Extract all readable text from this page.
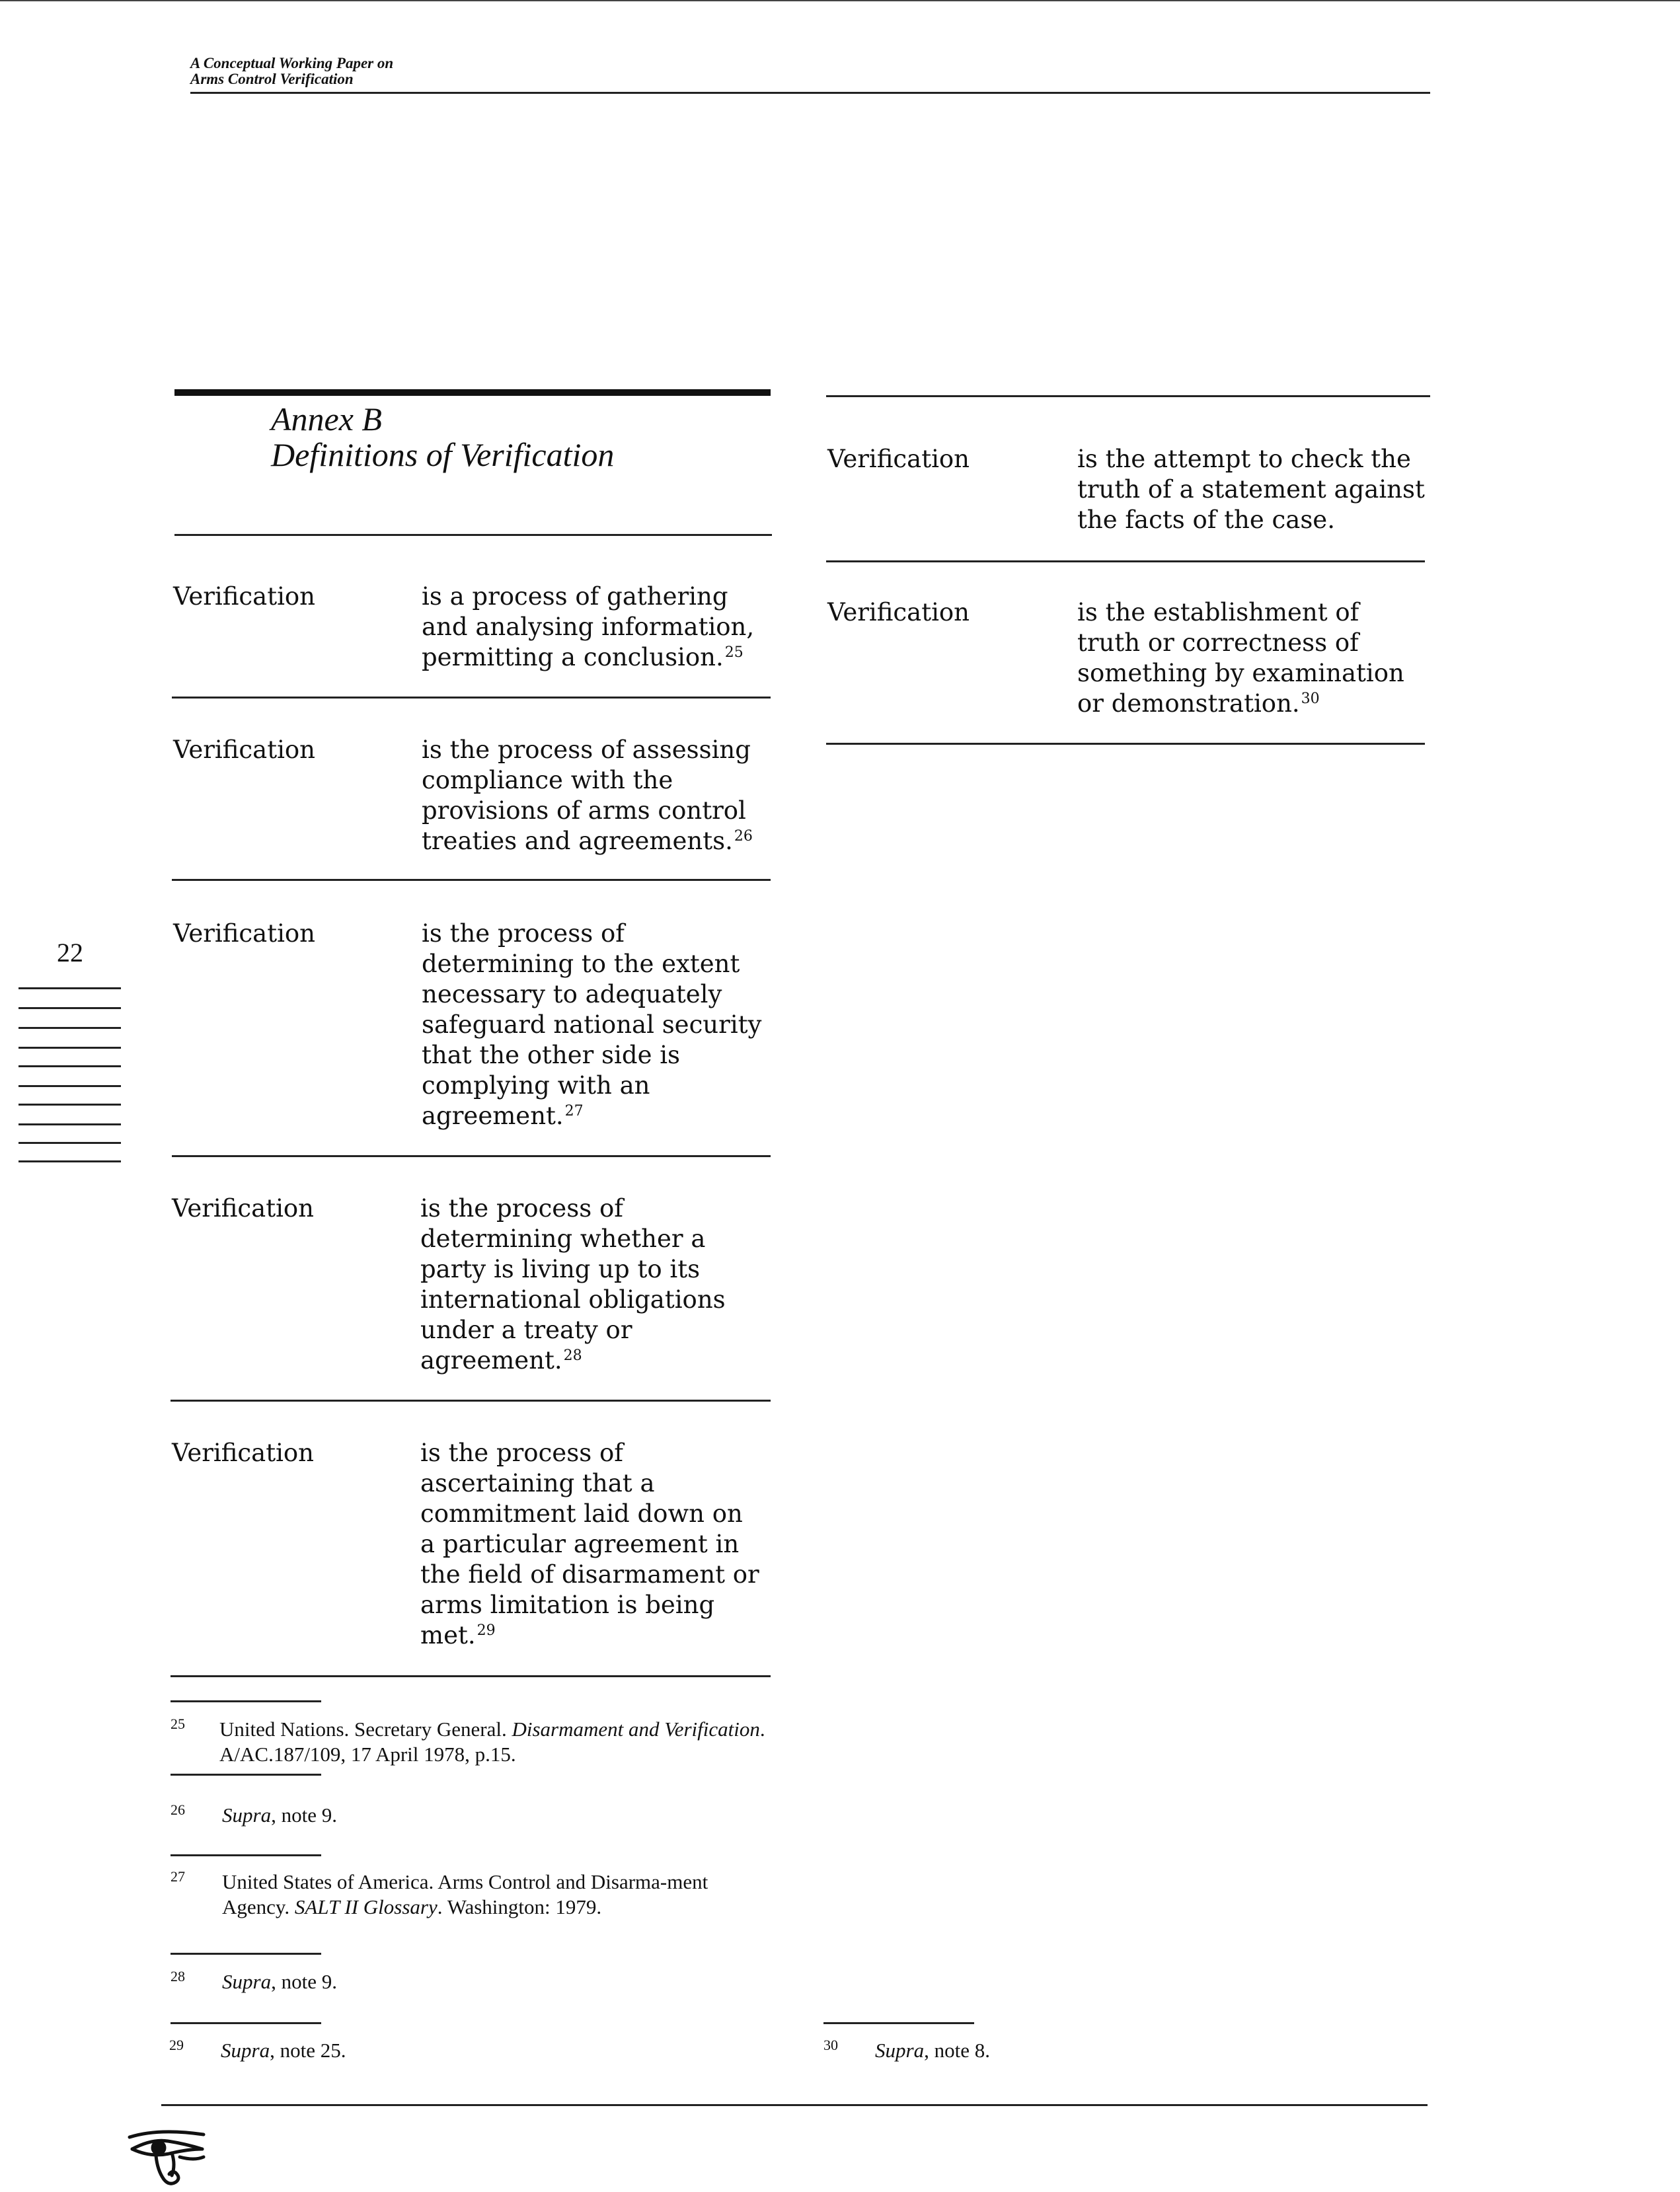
A Conceptual Working Paper on
Arms Control Verification
Annex B
Definitions of Verification
Verification	is a process of gathering
and analysing information,
permitting a conclusion.$^{25}$
Verification	is the process of assessing
compliance with the
provisions of arms control
treaties and agreements.$^{26}$
Verification	is the process of
determining to the extent
necessary to adequately
safeguard national security
that the other side is
complying with an
agreement.$^{27}$
Verification	is the process of
determining whether a
party is living up to its
international obligations
under a treaty or
agreement.$^{28}$
Verification	is the process of
ascertaining that a
commitment laid down on
a particular agreement in
the field of disarmament or
arms limitation is being
met.$^{29}$
Verification	is the attempt to check the
truth of a statement against
the facts of the case.
Verification	is the establishment of
truth or correctness of
something by examination
or demonstration.$^{30}$
22
25 United Nations. Secretary General. Disarmament and Verification. A/AC.187/109, 17 April 1978, p.15.
26 Supra, note 9.
27 United States of America. Arms Control and Disarma-ment Agency. SALT II Glossary. Washington: 1979.
28 Supra, note 9.
29 Supra, note 25.	30 Supra, note 8.
